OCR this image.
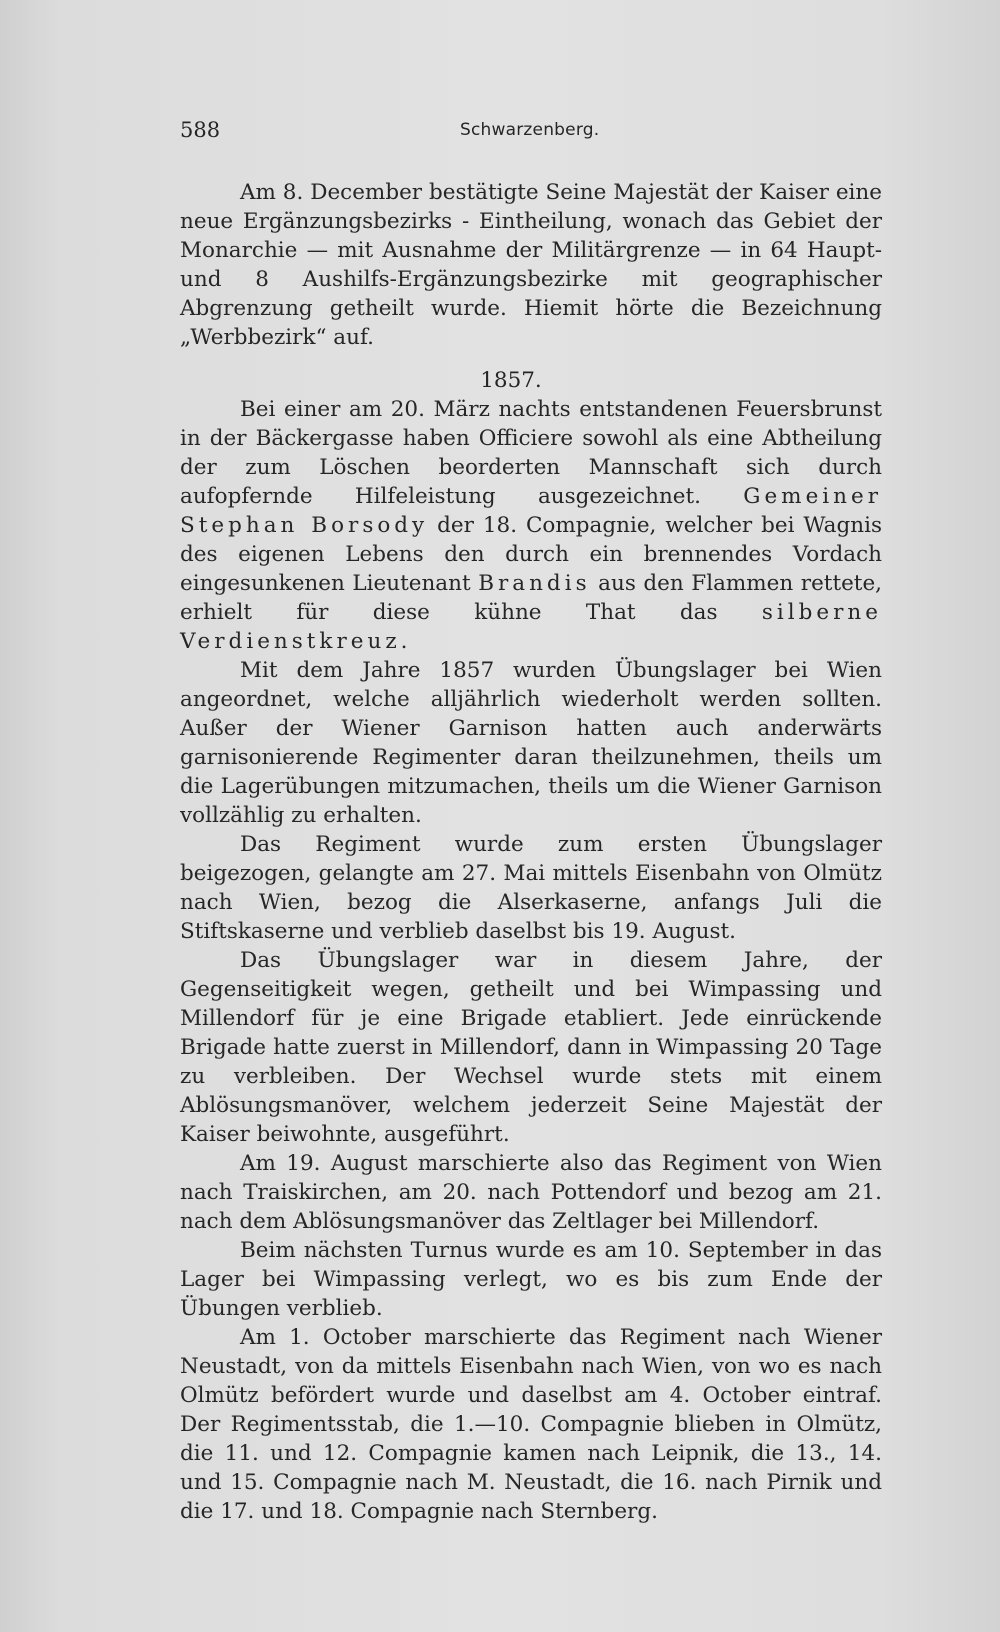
588	Schwarzenberg.

Am 8. December bestätigte Seine Majestät der Kaiser eine neue Ergänzungsbezirks - Eintheilung, wonach das Gebiet der Monarchie — mit Ausnahme der Militärgrenze — in 64 Haupt- und 8 Aushilfs-Ergänzungsbezirke mit geographischer Abgrenzung getheilt wurde. Hiemit hörte die Bezeichnung „Werbbezirk“ auf.

1857.

Bei einer am 20. März nachts entstandenen Feuersbrunst in der Bäckergasse haben Officiere sowohl als eine Abtheilung der zum Löschen beorderten Mannschaft sich durch aufopfernde Hilfeleistung ausgezeichnet. Gemeiner Stephan Borsody der 18. Compagnie, welcher bei Wagnis des eigenen Lebens den durch ein brennendes Vordach eingesunkenen Lieutenant Brandis aus den Flammen rettete, erhielt für diese kühne That das silberne Verdienstkreuz.

Mit dem Jahre 1857 wurden Übungslager bei Wien angeordnet, welche alljährlich wiederholt werden sollten. Außer der Wiener Garnison hatten auch anderwärts garnisonierende Regimenter daran theilzunehmen, theils um die Lagerübungen mitzumachen, theils um die Wiener Garnison vollzählig zu erhalten.

Das Regiment wurde zum ersten Übungslager beigezogen, gelangte am 27. Mai mittels Eisenbahn von Olmütz nach Wien, bezog die Alserkaserne, anfangs Juli die Stiftskaserne und verblieb daselbst bis 19. August.

Das Übungslager war in diesem Jahre, der Gegenseitigkeit wegen, getheilt und bei Wimpassing und Millendorf für je eine Brigade etabliert. Jede einrückende Brigade hatte zuerst in Millendorf, dann in Wimpassing 20 Tage zu verbleiben. Der Wechsel wurde stets mit einem Ablösungsmanöver, welchem jederzeit Seine Majestät der Kaiser beiwohnte, ausgeführt.

Am 19. August marschierte also das Regiment von Wien nach Traiskirchen, am 20. nach Pottendorf und bezog am 21. nach dem Ablösungsmanöver das Zeltlager bei Millendorf.

Beim nächsten Turnus wurde es am 10. September in das Lager bei Wimpassing verlegt, wo es bis zum Ende der Übungen verblieb.

Am 1. October marschierte das Regiment nach Wiener Neustadt, von da mittels Eisenbahn nach Wien, von wo es nach Olmütz befördert wurde und daselbst am 4. October eintraf. Der Regimentsstab, die 1.—10. Compagnie blieben in Olmütz, die 11. und 12. Compagnie kamen nach Leipnik, die 13., 14. und 15. Compagnie nach M. Neustadt, die 16. nach Pirnik und die 17. und 18. Compagnie nach Sternberg.
